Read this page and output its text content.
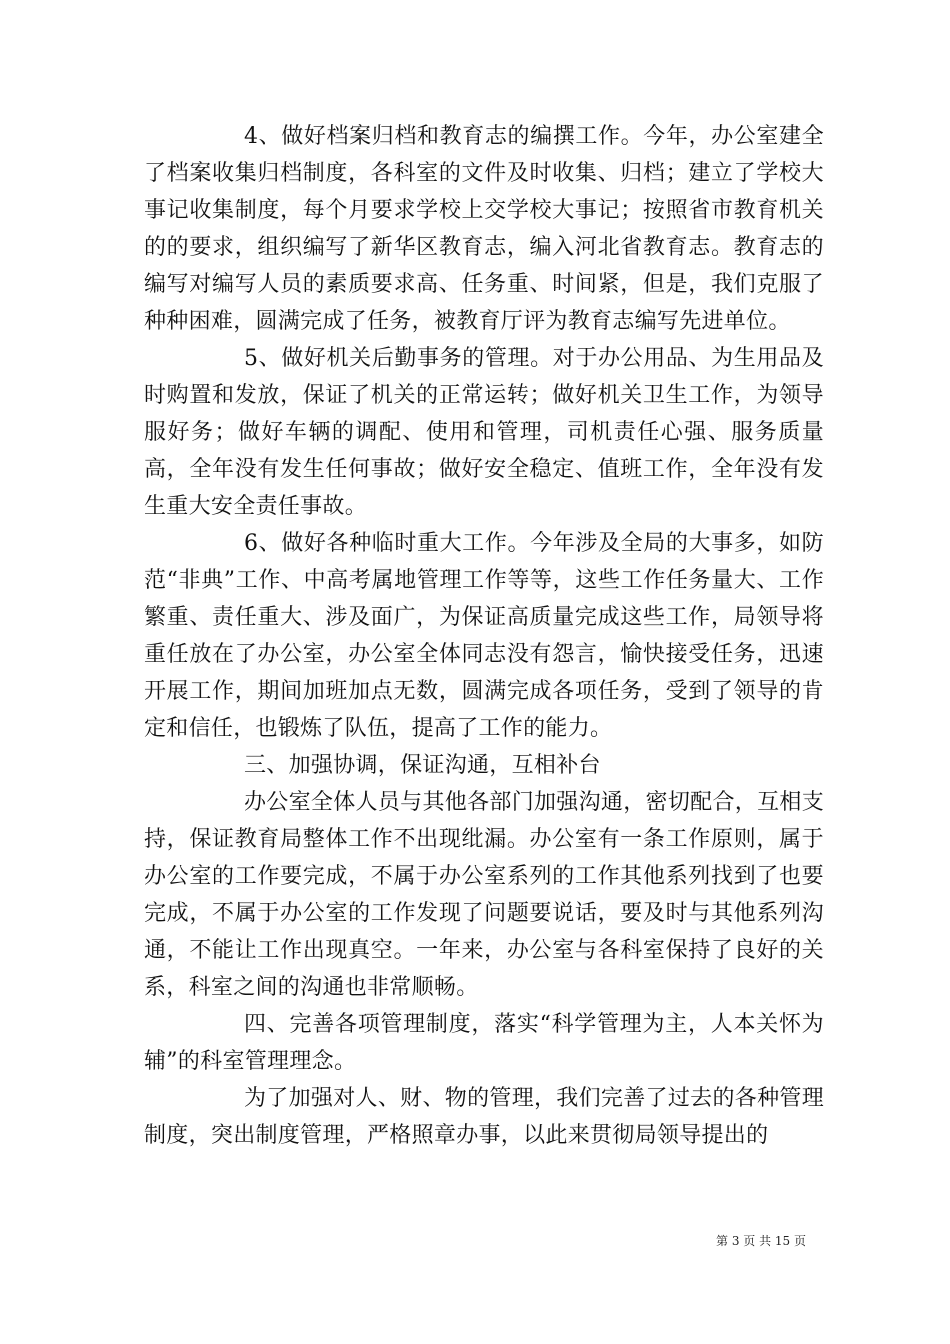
4、做好档案归档和教育志的编撰工作。今年，办公室建全了档案收集归档制度，各科室的文件及时收集、归档；建立了学校大事记收集制度，每个月要求学校上交学校大事记；按照省市教育机关的的要求，组织编写了新华区教育志，编入河北省教育志。教育志的编写对编写人员的素质要求高、任务重、时间紧，但是，我们克服了种种困难，圆满完成了任务，被教育厅评为教育志编写先进单位。

5、做好机关后勤事务的管理。对于办公用品、为生用品及时购置和发放，保证了机关的正常运转；做好机关卫生工作，为领导服好务；做好车辆的调配、使用和管理，司机责任心强、服务质量高，全年没有发生任何事故；做好安全稳定、值班工作，全年没有发生重大安全责任事故。

6、做好各种临时重大工作。今年涉及全局的大事多，如防范“非典”工作、中高考属地管理工作等等，这些工作任务量大、工作繁重、责任重大、涉及面广，为保证高质量完成这些工作，局领导将重任放在了办公室，办公室全体同志没有怨言，愉快接受任务，迅速开展工作，期间加班加点无数，圆满完成各项任务，受到了领导的肯定和信任，也锻炼了队伍，提高了工作的能力。

三、加强协调，保证沟通，互相补台

办公室全体人员与其他各部门加强沟通，密切配合，互相支持，保证教育局整体工作不出现纰漏。办公室有一条工作原则，属于办公室的工作要完成，不属于办公室系列的工作其他系列找到了也要完成，不属于办公室的工作发现了问题要说话，要及时与其他系列沟通，不能让工作出现真空。一年来，办公室与各科室保持了良好的关系，科室之间的沟通也非常顺畅。

四、完善各项管理制度，落实“科学管理为主，人本关怀为辅”的科室管理理念。

为了加强对人、财、物的管理，我们完善了过去的各种管理制度，突出制度管理，严格照章办事，以此来贯彻局领导提出的

第 3 页 共 15 页
